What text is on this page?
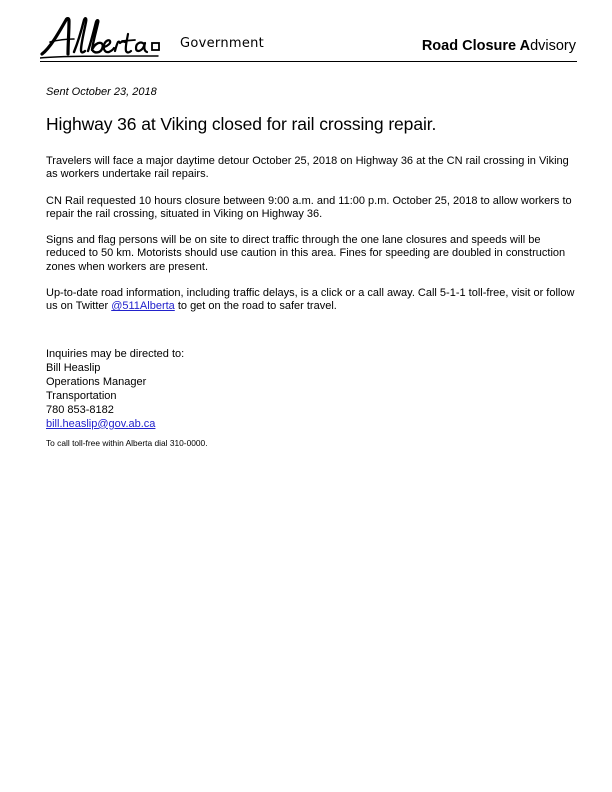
Government	Road Closure Advisory

Sent October 23, 2018

Highway 36 at Viking closed for rail crossing repair.

Travelers will face a major daytime detour October 25, 2018 on Highway 36 at the CN rail crossing in Viking as workers undertake rail repairs.

CN Rail requested 10 hours closure between 9:00 a.m. and 11:00 p.m. October 25, 2018 to allow workers to repair the rail crossing, situated in Viking on Highway 36.

Signs and flag persons will be on site to direct traffic through the one lane closures and speeds will be reduced to 50 km. Motorists should use caution in this area. Fines for speeding are doubled in construction zones when workers are present.

Up-to-date road information, including traffic delays, is a click or a call away. Call 5-1-1 toll-free, visit or follow us on Twitter @511Alberta to get on the road to safer travel.

Inquiries may be directed to:
Bill Heaslip
Operations Manager
Transportation
780 853-8182
bill.heaslip@gov.ab.ca

To call toll-free within Alberta dial 310-0000.
